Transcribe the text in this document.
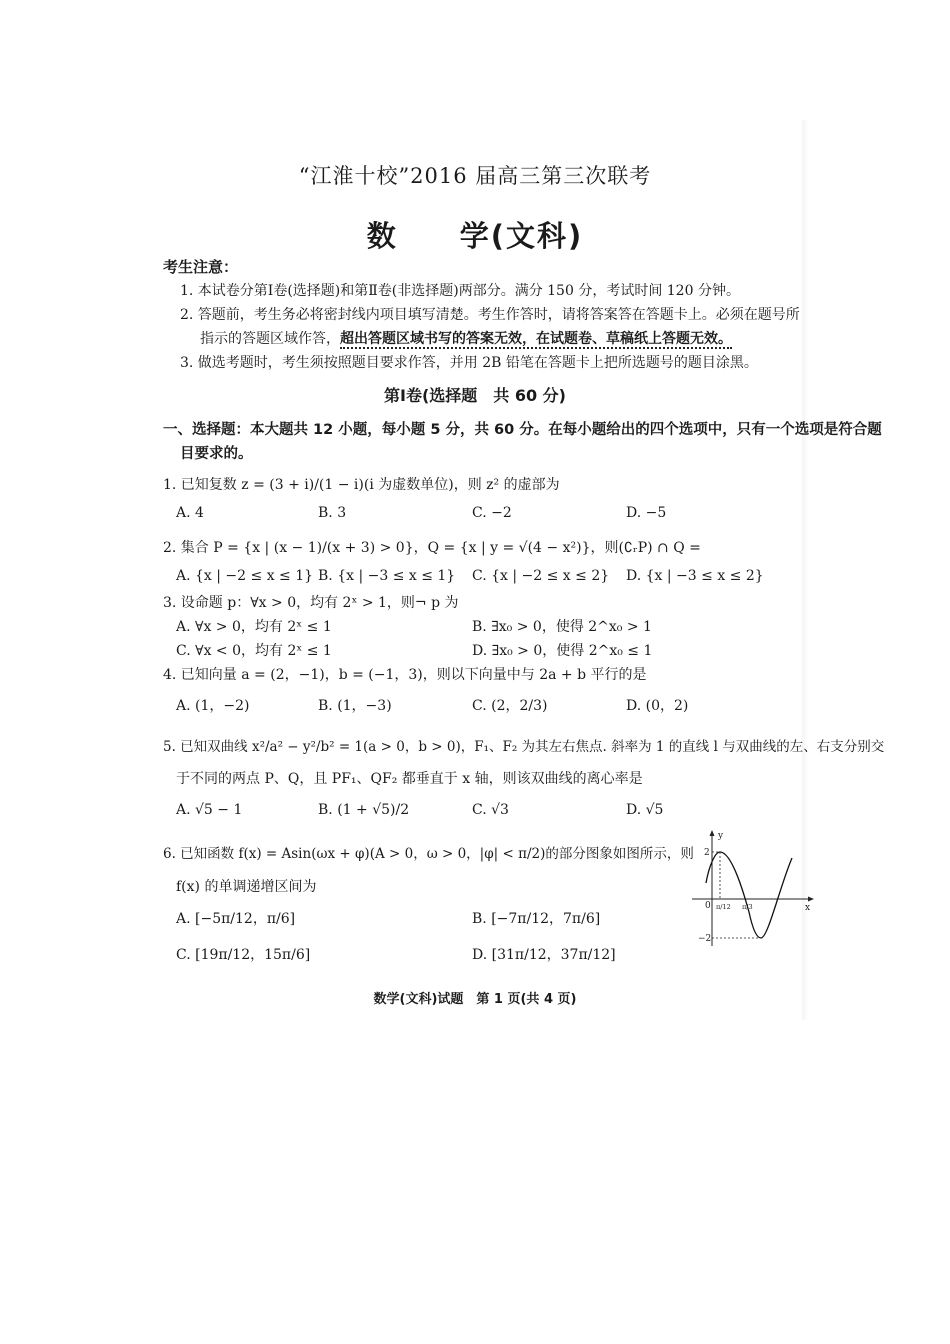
“江淮十校”2016 届高三第三次联考
数　　学(文科)
考生注意：
1. 本试卷分第Ⅰ卷(选择题)和第Ⅱ卷(非选择题)两部分。满分 150 分，考试时间 120 分钟。
2. 答题前，考生务必将密封线内项目填写清楚。考生作答时，请将答案答在答题卡上。必须在题号所
指示的答题区域作答，超出答题区域书写的答案无效，在试题卷、草稿纸上答题无效。
3. 做选考题时，考生须按照题目要求作答，并用 2B 铅笔在答题卡上把所选题号的题目涂黑。
第Ⅰ卷(选择题　共 60 分)
一、选择题：本大题共 12 小题，每小题 5 分，共 60 分。在每小题给出的四个选项中，只有一个选项是符合题
目要求的。
1. 已知复数 z = (3 + i)/(1 − i)(i 为虚数单位)，则 z² 的虚部为
A. 4	B. 3	C. −2	D. −5
2. 集合 P = {x | (x − 1)/(x + 3) > 0}，Q = {x | y = √(4 − x²)}，则(∁ᵣP) ∩ Q =
A. {x | −2 ≤ x ≤ 1} B. {x | −3 ≤ x ≤ 1} C. {x | −2 ≤ x ≤ 2} D. {x | −3 ≤ x ≤ 2}
3. 设命题 p：∀x > 0，均有 2ˣ > 1，则¬ p 为
A. ∀x > 0，均有 2ˣ ≤ 1	B. ∃x₀ > 0，使得 2^x₀ > 1
C. ∀x < 0，均有 2ˣ ≤ 1	D. ∃x₀ > 0，使得 2^x₀ ≤ 1
4. 已知向量 a = (2，−1)，b = (−1，3)，则以下向量中与 2a + b 平行的是
A. (1，−2)	B. (1，−3)	C. (2，2/3)	D. (0，2)
5. 已知双曲线 x²/a² − y²/b² = 1(a > 0，b > 0)，F₁、F₂ 为其左右焦点. 斜率为 1 的直线 l 与双曲线的左、右支分别交
于不同的两点 P、Q，且 PF₁、QF₂ 都垂直于 x 轴，则该双曲线的离心率是
A. √5 − 1	B. (1 + √5)/2	C. √3	D. √5
6. 已知函数 f(x) = Asin(ωx + φ)(A > 0，ω > 0，|φ| < π/2)的部分图象如图所示，则
f(x) 的单调递增区间为
A. [−5π/12，π/6]	B. [−7π/12，7π/6]
C. [19π/12，15π/6]	D. [31π/12，37π/12]
y
x
2
−2
0 π/12 π/3
数学(文科)试题　第 1 页(共 4 页)
